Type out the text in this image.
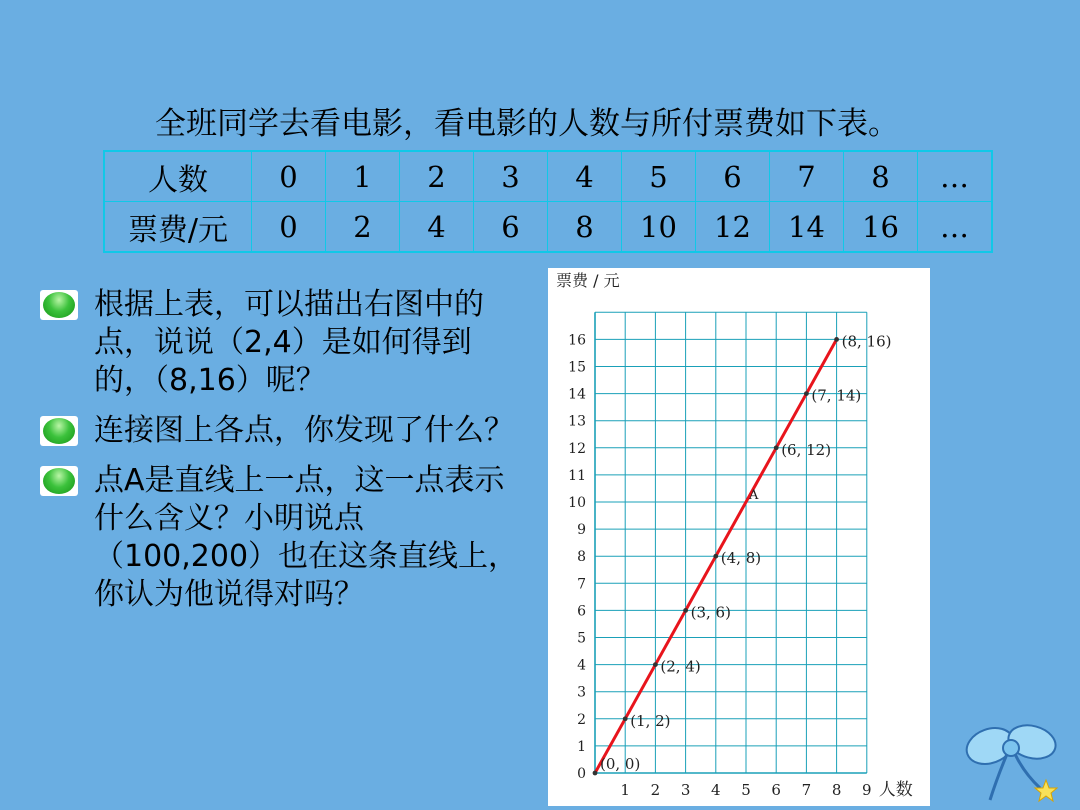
全班同学去看电影，看电影的人数与所付票费如下表。
人数	0	1	2	3	4	5	6	7	8	…
票费/元	0	2	4	6	8	10	12	14	16	…
根据上表，可以描出右图中的点，说说（2,4）是如何得到的，（8,16）呢？
连接图上各点，你发现了什么？
点A是直线上一点，这一点表示什么含义？小明说点（100,200）也在这条直线上，你认为他说得对吗？
1 2 3 4 5 6 7 8 9
0
1
2
3
4
5
6
7
8
9
10
11
12
13
14
15
16
票费 / 元
人数
(0, 0)
(1, 2)
(2, 4)
(3, 6)
(4, 8)
(6, 12)
(7, 14)
(8, 16)
A
